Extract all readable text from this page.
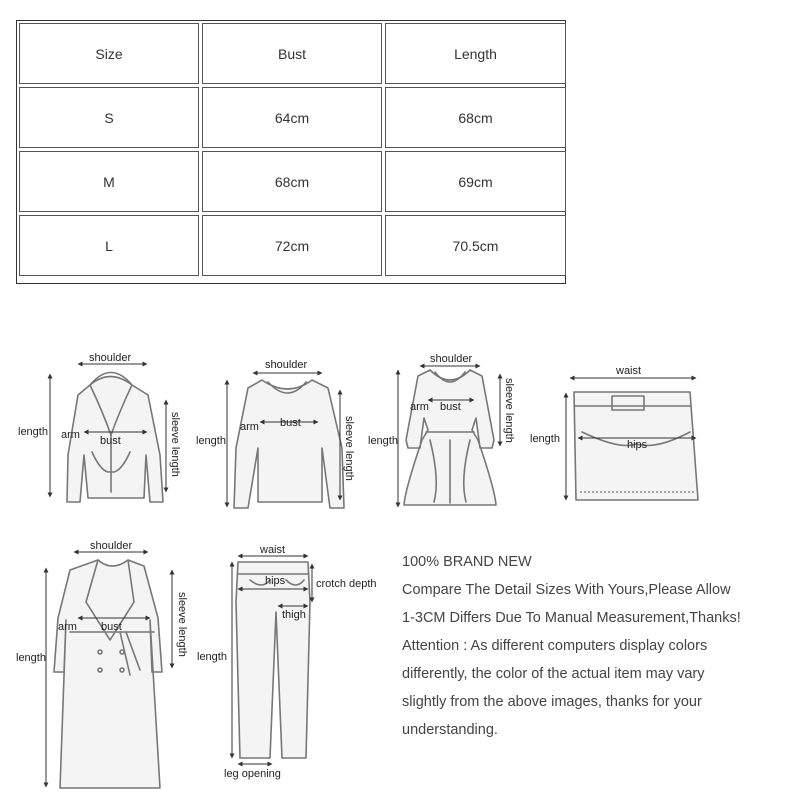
Size	Bust	Length
S	64cm	68cm
M	68cm	69cm
L	72cm	70.5cm
shoulder
length arm bust	sleeve length
shoulder
length
arm bust	sleeve length
shoulder
length
arm bust	sleeve length
waist
length	hips
shoulder
length
arm bust	sleeve length
waist
hips	crotch depth
thigh
length
leg opening

100% BRAND NEW

Compare The Detail Sizes With Yours,Please Allow

1-3CM Differs Due To Manual Measurement,Thanks!

Attention : As different computers display colors

differently, the color of the actual item may vary

slightly from the above images, thanks for your

understanding.
